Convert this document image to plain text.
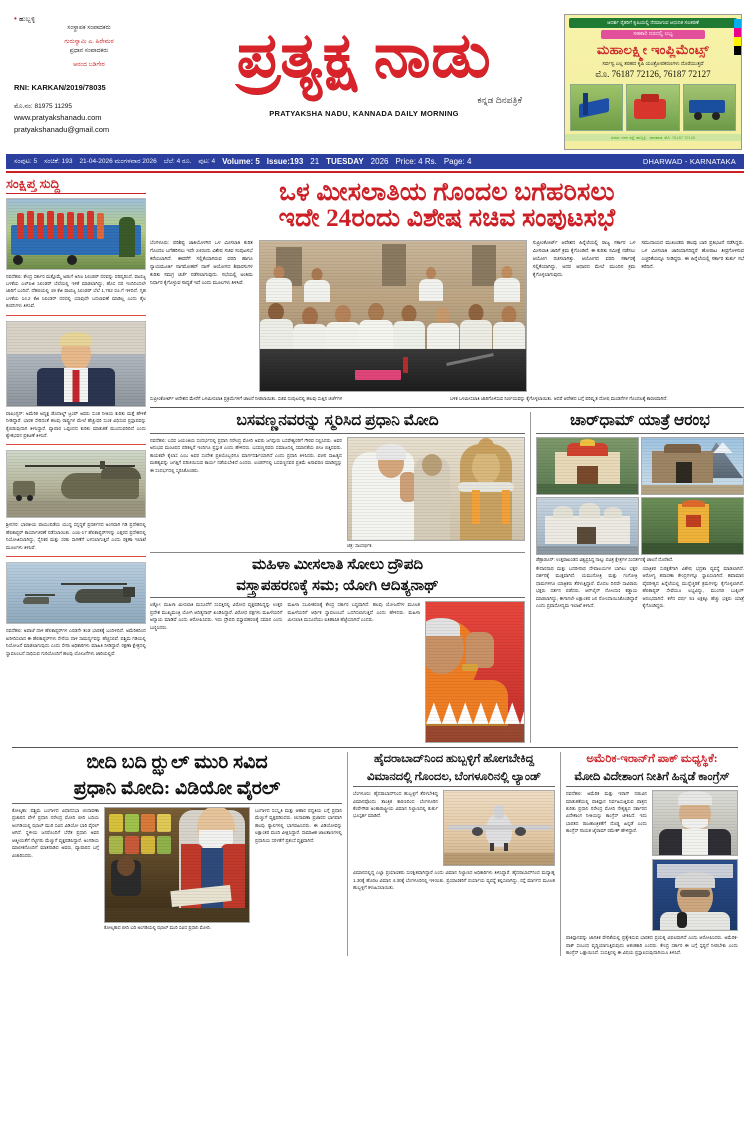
• ಹುಬ್ಬಳ್ಳಿ
ಸಂಸ್ಥಾಪಕ ಸಂಪಾದಕರು
ಗುರುಸ್ವಾಮಿ ಎ. ಹಿರೇಮಠ
ಪ್ರಧಾನ ಸಂಪಾದಕರು
ಆನಂದ ಬಡಿಗೇರ
RNI: KARKAN/2019/78035
ಮೊ.ನಂ: 81975 11295
www.pratyakshanadu.com
pratyakshanadu@gmail.com
ಪ್ರತ್ಯಕ್ಷ ನಾಡು
ಕನ್ನಡ ದಿನಪತ್ರಿಕೆ
PRATYAKSHA NADU, KANNADA DAILY MORNING
ಆದರ್ಶ ರೈತರಿಗೆ ಕೃಷಿಯಲ್ಲಿ ನೆರವಾಗುವ ಆಧುನಿಕ ಸಲಕರಣೆ
ಸಹಕಾರಿ ದರದಲ್ಲಿ ಲಭ್ಯ
ಮಹಾಲಕ್ಷ್ಮೀ ಇಂಪ್ಲಿಮೆಂಟ್ಸ್
ಸರ್ವಸ್ವ ಎಲ್ಲ ತರಹದ ಕೃಷಿ ಯಂತ್ರೋಪಕರಣಗಳು ದೊರೆಯುತ್ತವೆ
ಮೊ. 76187 72126, 76187 72127
ವಿಳಾಸ: ಗದಗ ರಸ್ತೆ, ಹುಬ್ಬಳ್ಳಿ - ಧಾರವಾಡ, ಮೊ: 76187 72126
ಸಂಪುಟ: 5 ಸಂಚಿಕೆ: 193 21-04-2026 ಮಂಗಳವಾರ 2026 ಬೆಲೆ: 4 ರೂ. ಪುಟ: 4 Volume: 5 Issue:193 21 TUESDAY 2026 Price: 4 Rs. Page: 4	DHARWAD - KARNATAKA
ಸಂಕ್ಷಿಪ್ತ ಸುದ್ದಿ
ನವದೆಹಲಿ: ಕೇಂದ್ರ ಸರ್ಕಾರ ಮತ್ತೊಮ್ಮೆ ಅಡುಗೆ ಅನಿಲ ಸಿಲಿಂಡರ್ ದರವನ್ನು ಪರಿಷ್ಕರಿಸಿದೆ. ವಾಣಿಜ್ಯ ಬಳಕೆಯ ಎಲ್‌ಪಿಜಿ ಸಿಲಿಂಡರ್ ಬೆಲೆಯಲ್ಲಿ ಇಳಿಕೆ ಮಾಡಲಾಗಿದ್ದು, ಹೊಸ ದರ ಇಂದಿನಿಂದಲೇ ಜಾರಿಗೆ ಬಂದಿದೆ. ದೆಹಲಿಯಲ್ಲಿ 19 ಕೆಜಿ ವಾಣಿಜ್ಯ ಸಿಲಿಂಡರ್ ಬೆಲೆ 1,762 ರೂ.ಗೆ ಇಳಿದಿದೆ. ಗೃಹ ಬಳಕೆಯ 14.2 ಕೆಜಿ ಸಿಲಿಂಡರ್ ದರದಲ್ಲಿ ಯಾವುದೇ ಬದಲಾವಣೆ ಮಾಡಿಲ್ಲ ಎಂದು ತೈಲ ಕಂಪನಿಗಳು ತಿಳಿಸಿವೆ.
ವಾಷಿಂಗ್ಟನ್: ಅಮೆರಿಕ ಅಧ್ಯಕ್ಷ ಡೊನಾಲ್ಡ್ ಟ್ರಂಪ್ ಅವರು ಸುಂಕ ನೀತಿಯ ಕುರಿತು ಮತ್ತೆ ಹೇಳಿಕೆ ನೀಡಿದ್ದಾರೆ. ಭಾರತ ಸೇರಿದಂತೆ ಹಲವು ರಾಷ್ಟ್ರಗಳ ಮೇಲೆ ಹೆಚ್ಚುವರಿ ಸುಂಕ ವಿಧಿಸುವ ಪ್ರಸ್ತಾಪವನ್ನು ಕೈಬಿಡುವುದಾಗಿ ತಿಳಿಸಿದ್ದಾರೆ. ವ್ಯಾಪಾರ ಒಪ್ಪಂದದ ಕುರಿತು ಮಾತುಕತೆ ಮುಂದುವರಿದಿದೆ ಎಂದು ಶ್ವೇತಭವನ ಪ್ರಕಟಣೆ ತಿಳಿಸಿದೆ.
ಶ್ರೀನಗರ: ಭಾರತೀಯ ವಾಯುಪಡೆಯ ಯುದ್ಧ ಸನ್ನದ್ಧತೆ ಪ್ರದರ್ಶನದ ಅಂಗವಾಗಿ ಗಡಿ ಪ್ರದೇಶದಲ್ಲಿ ಹೆಲಿಕಾಪ್ಟರ್ ಕಾರ್ಯಾಚರಣೆ ನಡೆಸಲಾಯಿತು. ಎಂಐ-17 ಹೆಲಿಕಾಪ್ಟರ್‌ಗಳನ್ನು ಎತ್ತರದ ಪ್ರದೇಶದಲ್ಲಿ ನಿಯೋಜಿಸಲಾಗಿದ್ದು, ಸೈನಿಕರ ಮತ್ತು ಸರಕು ಸಾಗಣೆಗೆ ಬಳಸಲಾಗುತ್ತಿದೆ ಎಂದು ರಕ್ಷಣಾ ಇಲಾಖೆ ಮೂಲಗಳು ತಿಳಿಸಿವೆ.
ನವದೆಹಲಿ: ಅಪಾಚೆ ದಾಳಿ ಹೆಲಿಕಾಪ್ಟರ್‌ಗಳ ಎರಡನೇ ತಂಡ ಭಾರತಕ್ಕೆ ಬಂದಿಳಿದಿದೆ. ಅಮೆರಿಕದಿಂದ ಖರೀದಿಸಲಾದ ಈ ಹೆಲಿಕಾಪ್ಟರ್‌ಗಳು ಸೇನೆಯ ದಾಳಿ ಸಾಮರ್ಥ್ಯವನ್ನು ಹೆಚ್ಚಿಸಲಿವೆ. ಪಶ್ಚಿಮ ಗಡಿಯಲ್ಲಿ ನಿಯೋಜನೆ ಮಾಡಲಾಗುವುದು ಎಂದು ಸೇನಾ ಅಧಿಕಾರಿಗಳು ಮಾಹಿತಿ ನೀಡಿದ್ದಾರೆ. ರಕ್ಷಣಾ ಕ್ಷೇತ್ರದಲ್ಲಿ ಸ್ವಾವಲಂಬನೆ ಸಾಧಿಸುವ ಗುರಿಯೊಂದಿಗೆ ಹಲವು ಯೋಜನೆಗಳು ಜಾರಿಯಲ್ಲಿವೆ.
ಒಳ ಮೀಸಲಾತಿಯ ಗೊಂದಲ ಬಗೆಹರಿಸಲು
ಇದೇ 24ರಂದು ವಿಶೇಷ ಸಚಿವ ಸಂಪುಟಸಭೆ
ಬೆಂಗಳೂರು: ಪರಿಶಿಷ್ಟ ಜಾತಿಯೊಳಗಿನ ಒಳ ಮೀಸಲಾತಿ ಕುರಿತ ಗೊಂದಲ ಬಗೆಹರಿಸಲು ಇದೇ 24ರಂದು ವಿಶೇಷ ಸಚಿವ ಸಂಪುಟಸಭೆ ಕರೆಯಲಾಗಿದೆ. ಈವರೆಗೆ ಸಲ್ಲಿಕೆಯಾಗಿರುವ ವರದಿ ಹಾಗೂ ನ್ಯಾಯಮೂರ್ತಿ ನಾಗಮೋಹನ್ ದಾಸ್ ಆಯೋಗದ ಶಿಫಾರಸುಗಳ ಕುರಿತು ಸಮಗ್ರ ಚರ್ಚೆ ನಡೆಸಲಾಗುವುದು. ಸಭೆಯಲ್ಲಿ ಅಂತಿಮ ನಿರ್ಧಾರ ಕೈಗೊಳ್ಳುವ ಸಾಧ್ಯತೆ ಇದೆ ಎಂದು ಮೂಲಗಳು ತಿಳಿಸಿವೆ.
ಸುಪ್ರೀಂಕೋರ್ಟ್ ಆದೇಶದ ಹಿನ್ನೆಲೆಯಲ್ಲಿ ರಾಜ್ಯ ಸರ್ಕಾರ ಒಳ ಮೀಸಲಾತಿ ಜಾರಿಗೆ ಕ್ರಮ ಕೈಗೊಂಡಿದೆ. ಈ ಕುರಿತು ಸಮೀಕ್ಷೆ ನಡೆಸಲು ಆಯೋಗ ರಚಿಸಲಾಗಿತ್ತು. ಆಯೋಗದ ವರದಿ ಸರ್ಕಾರಕ್ಕೆ ಸಲ್ಲಿಕೆಯಾಗಿದ್ದು, ಅದರ ಆಧಾರದ ಮೇಲೆ ಮುಂದಿನ ಕ್ರಮ ಕೈಗೊಳ್ಳಲಾಗುವುದು.
ಸಮುದಾಯದ ಮುಖಂಡರು ಹಲವು ಬಾರಿ ಪ್ರತಿಭಟನೆ ನಡೆಸಿದ್ದರು. ಒಳ ಮೀಸಲಾತಿ ಜಾರಿಯಾಗದಿದ್ದರೆ ಹೋರಾಟ ತೀವ್ರಗೊಳಿಸುವ ಎಚ್ಚರಿಕೆಯನ್ನೂ ನೀಡಿದ್ದರು. ಈ ಹಿನ್ನೆಲೆಯಲ್ಲಿ ಸರ್ಕಾರ ತುರ್ತು ಸಭೆ ಕರೆದಿದೆ.
ಸುಪ್ರೀಂಕೋರ್ಟ್ ಆದೇಶದ ಮೇರೆಗೆ ಒಳಮೀಸಲಾತಿ ಪ್ರಕ್ರಿಯೆಗಳಿಗೆ ಚಾಲನೆ ನೀಡಲಾಯಿತು. ಸಚಿವ ಸಂಪುಟದಲ್ಲಿ ಹಲವು ಸುತ್ತಿನ ಚರ್ಚೆಗಳ	ಬಳಿಕ ಒಳಮೀಸಲಾತಿ ಜಾರಿಗೊಳಿಸುವ ನಿರ್ಣಯವನ್ನು ಕೈಗೊಳ್ಳಲಾಯಿತು. ಆದರೆ ಆದೇಶದ ಬಗ್ಗೆ ಪರಿಷ್ಕೃತ ದೋಷ ಮಂಡನೆಗಳ ಗೊಂದಲಕ್ಕೆ ಕಾರಣವಾಗಿದೆ.
ಬಸವಣ್ಣನವರನ್ನು ಸ್ಮರಿಸಿದ ಪ್ರಧಾನಿ ಮೋದಿ
ನವದೆಹಲಿ: ಬಸವ ಜಯಂತಿಯ ಸಂದರ್ಭದಲ್ಲಿ ಪ್ರಧಾನಿ ನರೇಂದ್ರ ಮೋದಿ ಅವರು ಜಗದ್ಗುರು ಬಸವೇಶ್ವರರಿಗೆ ಗೌರವ ಸಲ್ಲಿಸಿದರು. ಅವರ ಅನುಭವ ಮಂಟಪದ ಪರಿಕಲ್ಪನೆ ಇಂದಿಗೂ ಪ್ರಸ್ತುತ ಎಂದು ಹೇಳಿದರು. ಬಸವಣ್ಣನವರು ಸಮಾಜದಲ್ಲಿ ಸಮಾನತೆಯ ಬೀಜ ಬಿತ್ತಿದವರು. ಕಾಯಕವೇ ಕೈಲಾಸ ಎಂಬ ಅವರ ಸಂದೇಶ ಪ್ರತಿಯೊಬ್ಬರಿಗೂ ಮಾರ್ಗದರ್ಶಿಯಾಗಿದೆ ಎಂದು ಪ್ರಧಾನಿ ತಿಳಿಸಿದರು. ವಚನ ಸಾಹಿತ್ಯದ ಮಹತ್ವವನ್ನು ಜಗತ್ತಿಗೆ ಪರಿಚಯಿಸುವ ಕಾರ್ಯ ನಡೆಯಬೇಕಿದೆ ಎಂದರು. ಲಂಡನ್‌ನಲ್ಲಿ ಬಸವಣ್ಣನವರ ಪ್ರತಿಮೆ ಅನಾವರಣ ಮಾಡಿದ್ದನ್ನು ಈ ಸಂದರ್ಭದಲ್ಲಿ ಸ್ಮರಿಸಿಕೊಂಡರು.
ಚಿತ್ರ: ಸಾಂದರ್ಭಿಕ.
ಮಹಿಳಾ ಮೀಸಲಾತಿ ಸೋಲು ದ್ರೌಪದಿ
ವಸ್ತ್ರಾಪಹರಣಕ್ಕೆ ಸಮ; ಯೋಗಿ ಆದಿತ್ಯನಾಥ್
ಲಕ್ನೋ: ಮಹಿಳಾ ಮೀಸಲಾತಿ ಮಸೂದೆಗೆ ಸಂಸತ್ತಿನಲ್ಲಿ ವಿರೋಧ ವ್ಯಕ್ತಪಡಿಸಿದ್ದನ್ನು ಉತ್ತರ ಪ್ರದೇಶ ಮುಖ್ಯಮಂತ್ರಿ ಯೋಗಿ ಆದಿತ್ಯನಾಥ್ ಖಂಡಿಸಿದ್ದಾರೆ. ವಿರೋಧ ಪಕ್ಷಗಳು ಮಹಿಳೆಯರಿಗೆ ಅನ್ಯಾಯ ಮಾಡಿವೆ ಎಂದು ಆರೋಪಿಸಿದರು. ಇದು ದ್ರೌಪದಿ ವಸ್ತ್ರಾಪಹರಣಕ್ಕೆ ಸಮಾನ ಎಂದು ಬಣ್ಣಿಸಿದರು.
ಮಹಿಳಾ ಸಬಲೀಕರಣಕ್ಕೆ ಕೇಂದ್ರ ಸರ್ಕಾರ ಬದ್ಧವಾಗಿದೆ. ಹಲವು ಯೋಜನೆಗಳ ಮೂಲಕ ಮಹಿಳೆಯರಿಗೆ ಆರ್ಥಿಕ ಸ್ವಾವಲಂಬನೆ ಒದಗಿಸಲಾಗುತ್ತಿದೆ ಎಂದು ಹೇಳಿದರು. ಮಹಿಳಾ ಮೀಸಲಾತಿ ಮಸೂದೆಯು ಐತಿಹಾಸಿಕ ಹೆಜ್ಜೆಯಾಗಿದೆ ಎಂದರು.
ಚಾರ್‌ಧಾಮ್ ಯಾತ್ರೆ ಆರಂಭ
ಡೆಹ್ರಾಡೂನ್: ಉತ್ತರಾಖಂಡದ ವಿಶ್ವಪ್ರಸಿದ್ಧ ನಾಲ್ಕು ಪವಿತ್ರ ಕ್ಷೇತ್ರಗಳ ಸಂದರ್ಶನಕ್ಕೆ ಚಾಲನೆ ದೊರೆತಿದೆ.
ಕೇದಾರನಾಥ ಮತ್ತು ಬದರೀನಾಥ ದೇವಾಲಯಗಳ ಬಾಗಿಲು ಭಕ್ತರ ದರ್ಶನಕ್ಕೆ ಮುಕ್ತವಾಗಿದೆ. ಯಮುನೋತ್ರಿ ಮತ್ತು ಗಂಗೋತ್ರಿ ಧಾಮಗಳಿಗೂ ಯಾತ್ರಿಕರು ತೆರಳುತ್ತಿದ್ದಾರೆ. ಮೊದಲ ದಿನವೇ ಸಾವಿರಾರು ಭಕ್ತರು ದರ್ಶನ ಪಡೆದರು. ಆನ್‌ಲೈನ್ ನೋಂದಣಿ ಕಡ್ಡಾಯ ಮಾಡಲಾಗಿದ್ದು, ಈಗಾಗಲೇ ಲಕ್ಷಾಂತರ ಜನ ನೋಂದಾಯಿಸಿಕೊಂಡಿದ್ದಾರೆ ಎಂದು ಪ್ರವಾಸೋದ್ಯಮ ಇಲಾಖೆ ತಿಳಿಸಿದೆ.
ಯಾತ್ರಿಕರ ಸುರಕ್ಷತೆಗಾಗಿ ವಿಶೇಷ ಭದ್ರತಾ ವ್ಯವಸ್ಥೆ ಮಾಡಲಾಗಿದೆ. ಆರೋಗ್ಯ ತಪಾಸಣಾ ಕೇಂದ್ರಗಳನ್ನೂ ಸ್ಥಾಪಿಸಲಾಗಿದೆ. ಹವಾಮಾನ ವೈಪರೀತ್ಯದ ಹಿನ್ನೆಲೆಯಲ್ಲಿ ಮುನ್ನೆಚ್ಚರಿಕೆ ಕ್ರಮಗಳನ್ನು ಕೈಗೊಳ್ಳಲಾಗಿದೆ. ಹೆಲಿಕಾಪ್ಟರ್ ಸೇವೆಯೂ ಲಭ್ಯವಿದ್ದು, ಮುಂಗಡ ಬುಕ್ಕಿಂಗ್ ಆರಂಭವಾಗಿದೆ. ಕಳೆದ ವರ್ಷ 51 ಲಕ್ಷಕ್ಕೂ ಹೆಚ್ಚು ಭಕ್ತರು ಯಾತ್ರೆ ಕೈಗೊಂಡಿದ್ದರು.
ಬೀದಿ ಬದಿ ರ್‍ಝುಲ್ ಮುರಿ ಸವಿದ
ಪ್ರಧಾನಿ ಮೋದಿ: ವಿಡಿಯೋ ವೈರಲ್
ಕೋಲ್ಕತಾ: ಪಶ್ಚಿಮ ಬಂಗಾಳದ ವಿಧಾನಸಭಾ ಚುನಾವಣಾ ಪ್ರಚಾರದ ವೇಳೆ ಪ್ರಧಾನಿ ನರೇಂದ್ರ ಮೋದಿ ಬೀದಿ ಬದಿಯ ಅಂಗಡಿಯಲ್ಲಿ ಝಾಲ್ ಮುರಿ ಸವಿದ ವಿಡಿಯೋ ಭಾರಿ ವೈರಲ್ ಆಗಿದೆ. ಸ್ಥಳೀಯ ಜನರೊಂದಿಗೆ ಬೆರೆತ ಪ್ರಧಾನಿ ಅವರ ಆತ್ಮೀಯತೆಗೆ ನೆಟ್ಟಿಗರು ಮೆಚ್ಚುಗೆ ವ್ಯಕ್ತಪಡಿಸಿದ್ದಾರೆ. ಅಂಗಡಿಯ ಮಾಲೀಕನೊಂದಿಗೆ ಮಾತನಾಡಿದ ಅವರು, ವ್ಯಾಪಾರದ ಬಗ್ಗೆ ವಿಚಾರಿಸಿದರು.
ಕೋಲ್ಕತಾದ ಬೀದಿ ಬದಿ ಅಂಗಡಿಯಲ್ಲಿ ಝಾಲ್ ಮುರಿ ಸವಿದ ಪ್ರಧಾನಿ ಮೋದಿ.
ಬಂಗಾಳದ ಸಂಸ್ಕೃತಿ ಮತ್ತು ಆಹಾರ ಪದ್ಧತಿಯ ಬಗ್ಗೆ ಪ್ರಧಾನಿ ಮೆಚ್ಚುಗೆ ವ್ಯಕ್ತಪಡಿಸಿದರು. ಚುನಾವಣಾ ಪ್ರಚಾರದ ಭಾಗವಾಗಿ ಹಲವು ರ್‍ಯಾಲಿಗಳಲ್ಲಿ ಭಾಗವಹಿಸಿದರು. ಈ ವಿಡಿಯೋವನ್ನು ಲಕ್ಷಾಂತರ ಮಂದಿ ವೀಕ್ಷಿಸಿದ್ದಾರೆ. ಸಾಮಾಜಿಕ ಜಾಲತಾಣಗಳಲ್ಲಿ ಪ್ರಧಾನಿಯ ಸರಳತೆಗೆ ಪ್ರಶಂಸೆ ವ್ಯಕ್ತವಾಗಿದೆ.
ಹೈದರಾಬಾದ್‌ನಿಂದ ಹುಬ್ಬಳ್ಳಿಗೆ ಹೋಗಬೇಕಿದ್ದ
ವಿಮಾನದಲ್ಲಿ ಗೊಂದಲ, ಬೆಂಗಳೂರಿನಲ್ಲಿ ಲ್ಯಾಂಡ್
ಬೆಂಗಳೂರು: ಹೈದರಾಬಾದ್‌ನಿಂದ ಹುಬ್ಬಳ್ಳಿಗೆ ತೆರಳಬೇಕಿದ್ದ ವಿಮಾನವೊಂದು ತಾಂತ್ರಿಕ ಕಾರಣದಿಂದ ಬೆಂಗಳೂರಿನ ಕೆಂಪೇಗೌಡ ಅಂತಾರಾಷ್ಟ್ರೀಯ ವಿಮಾನ ನಿಲ್ದಾಣದಲ್ಲಿ ತುರ್ತು ಭೂಸ್ಪರ್ಶ ಮಾಡಿದೆ.
ವಿಮಾನದಲ್ಲಿದ್ದ ಎಲ್ಲಾ ಪ್ರಯಾಣಿಕರು ಸುರಕ್ಷಿತವಾಗಿದ್ದಾರೆ ಎಂದು ವಿಮಾನ ನಿಲ್ದಾಣದ ಅಧಿಕಾರಿಗಳು ತಿಳಿಸಿದ್ದಾರೆ. ಹೈದರಾಬಾದ್‌ನಿಂದ ಮಧ್ಯಾಹ್ನ 1.30ಕ್ಕೆ ಹೊರಟ ವಿಮಾನ 4.30ಕ್ಕೆ ಬೆಂಗಳೂರಿನಲ್ಲಿ ಇಳಿಯಿತು. ಪ್ರಯಾಣಿಕರಿಗೆ ಪರ್ಯಾಯ ವ್ಯವಸ್ಥೆ ಕಲ್ಪಿಸಲಾಗಿದ್ದು, ರಸ್ತೆ ಮಾರ್ಗದ ಮೂಲಕ ಹುಬ್ಬಳ್ಳಿಗೆ ಕಳುಹಿಸಲಾಯಿತು.
ಅಮೆರಿಕ-ಇರಾನ್‌ಗೆ ಪಾಕ್ ಮಧ್ಯಸ್ಥಿಕೆ:
ಮೋದಿ ವಿದೇಶಾಂಗ ನೀತಿಗೆ ಹಿನ್ನಡೆ ಕಾಂಗ್ರೆಸ್
ನವದೆಹಲಿ: ಅಮೆರಿಕ ಮತ್ತು ಇರಾನ್ ನಡುವಿನ ಮಾತುಕತೆಯಲ್ಲಿ ಪಾಕಿಸ್ತಾನ ನಿರ್ವಹಿಸುತ್ತಿರುವ ಪಾತ್ರದ ಕುರಿತು ಪ್ರಧಾನಿ ನರೇಂದ್ರ ಮೋದಿ ನೇತೃತ್ವದ ಸರ್ಕಾರದ ವಿದೇಶಾಂಗ ನೀತಿಯನ್ನು ಕಾಂಗ್ರೆಸ್ ಟೀಕಿಸಿದೆ. ಇದು ಭಾರತದ ರಾಜತಾಂತ್ರಿಕತೆಗೆ ದೊಡ್ಡ ಹಿನ್ನಡೆ ಎಂದು ಕಾಂಗ್ರೆಸ್ ನಾಯಕ ಜೈರಾಮ್ ರಮೇಶ್ ಹೇಳಿದ್ದಾರೆ.
ಪಾಕಿಸ್ತಾನವನ್ನು ಜಾಗತಿಕ ವೇದಿಕೆಯಲ್ಲಿ ಪ್ರತ್ಯೇಕಿಸುವ ಭಾರತದ ಪ್ರಯತ್ನ ವಿಫಲವಾಗಿದೆ ಎಂದು ಆರೋಪಿಸಿದರು. ಅಮೆರಿಕ-ಪಾಕ್ ಸಂಬಂಧ ವೃದ್ಧಿಯಾಗುತ್ತಿರುವುದು ಆತಂಕಕಾರಿ ಎಂದರು. ಕೇಂದ್ರ ಸರ್ಕಾರ ಈ ಬಗ್ಗೆ ಸ್ಪಷ್ಟನೆ ನೀಡಬೇಕು ಎಂದು ಕಾಂಗ್ರೆಸ್ ಒತ್ತಾಯಿಸಿದೆ. ಸಂಸತ್ತಿನಲ್ಲಿ ಈ ವಿಷಯ ಪ್ರಸ್ತಾಪಿಸುವುದಾಗಿಯೂ ತಿಳಿಸಿದೆ.
